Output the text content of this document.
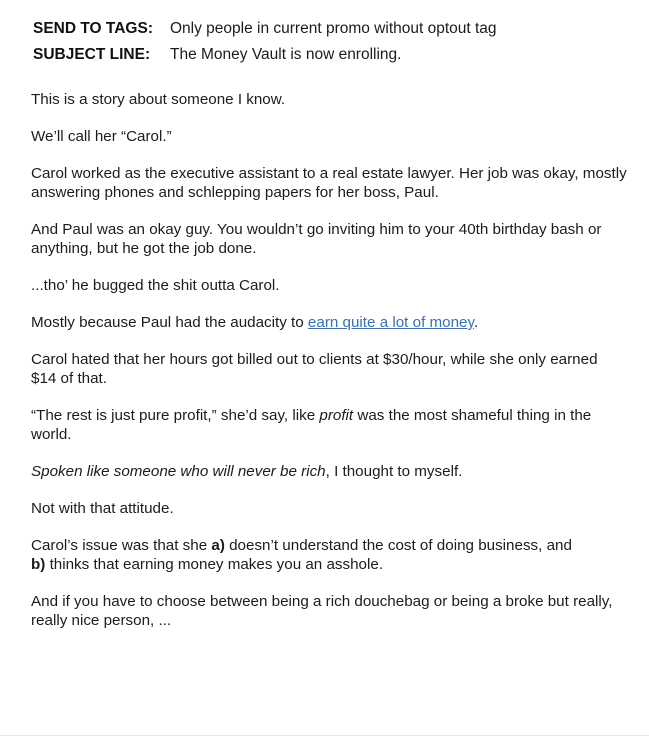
SEND TO TAGS:	Only people in current promo without optout tag
SUBJECT LINE:	The Money Vault is now enrolling.

This is a story about someone I know.

We’ll call her “Carol.”

Carol worked as the executive assistant to a real estate lawyer. Her job was okay, mostly answering phones and schlepping papers for her boss, Paul.

And Paul was an okay guy. You wouldn’t go inviting him to your 40th birthday bash or anything, but he got the job done.

...tho’ he bugged the shit outta Carol.

Mostly because Paul had the audacity to earn quite a lot of money.

Carol hated that her hours got billed out to clients at $30/hour, while she only earned $14 of that.

“The rest is just pure profit,” she’d say, like profit was the most shameful thing in the world.

Spoken like someone who will never be rich, I thought to myself.

Not with that attitude.

Carol’s issue was that she a) doesn’t understand the cost of doing business, and
b) thinks that earning money makes you an asshole.

And if you have to choose between being a rich douchebag or being a broke but really, really nice person, ...
